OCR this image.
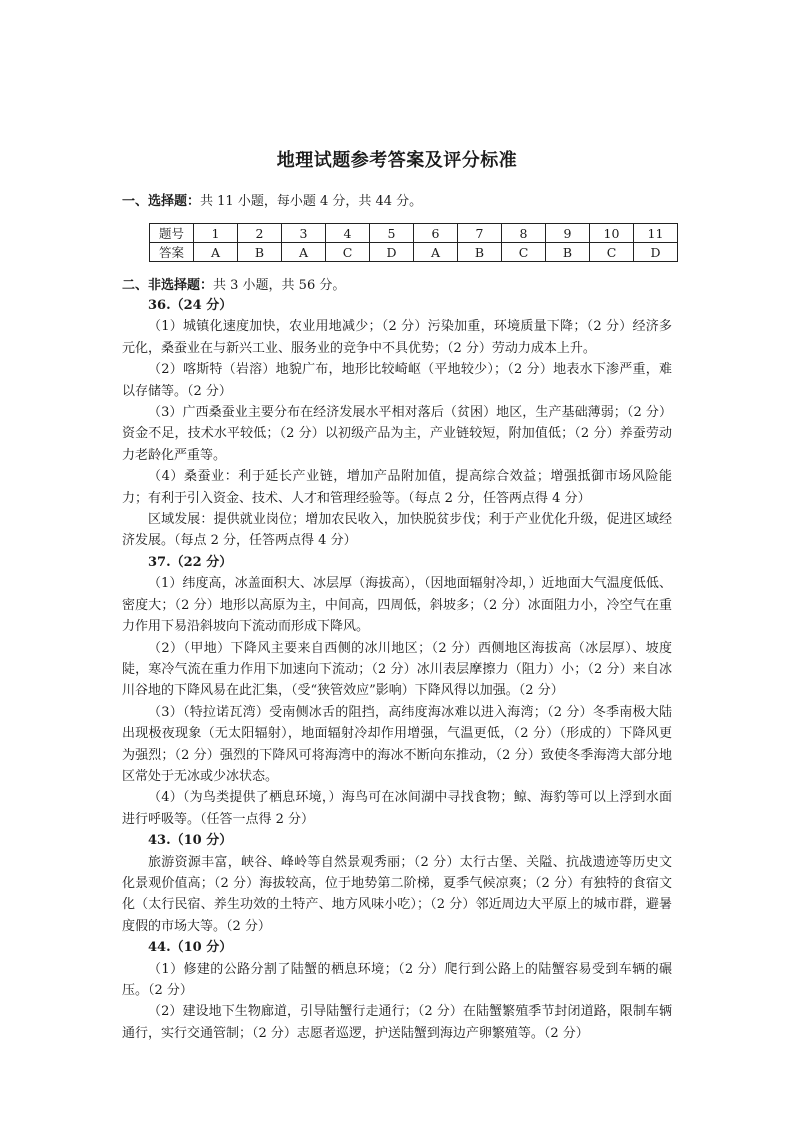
地理试题参考答案及评分标准
一、选择题：共 11 小题，每小题 4 分，共 44 分。
题号	1	2	3	4	5	6	7	8	9	10	11
答案	A	B	A	C	D	A	B	C	B	C	D
二、非选择题：共 3 小题，共 56 分。

36.（24 分）

（1）城镇化速度加快，农业用地减少；（2 分）污染加重，环境质量下降；（2 分）经济多元化，桑蚕业在与新兴工业、服务业的竞争中不具优势；（2 分）劳动力成本上升。

（2）喀斯特（岩溶）地貌广布，地形比较崎岖（平地较少）；（2 分）地表水下渗严重，难以存储等。（2 分）

（3）广西桑蚕业主要分布在经济发展水平相对落后（贫困）地区，生产基础薄弱；（2 分）资金不足，技术水平较低；（2 分）以初级产品为主，产业链较短，附加值低；（2 分）养蚕劳动力老龄化严重等。

（4）桑蚕业：利于延长产业链，增加产品附加值，提高综合效益；增强抵御市场风险能力；有利于引入资金、技术、人才和管理经验等。（每点 2 分，任答两点得 4 分）

区域发展：提供就业岗位；增加农民收入，加快脱贫步伐；利于产业优化升级，促进区域经济发展。（每点 2 分，任答两点得 4 分）

37.（22 分）

（1）纬度高，冰盖面积大、冰层厚（海拔高），（因地面辐射冷却，）近地面大气温度低低、密度大；（2 分）地形以高原为主，中间高，四周低，斜坡多；（2 分）冰面阻力小，冷空气在重力作用下易沿斜坡向下流动而形成下降风。

（2）（甲地）下降风主要来自西侧的冰川地区；（2 分）西侧地区海拔高（冰层厚）、坡度陡，寒冷气流在重力作用下加速向下流动；（2 分）冰川表层摩擦力（阻力）小；（2 分）来自冰川谷地的下降风易在此汇集，（受“狭管效应”影响）下降风得以加强。（2 分）

（3）（特拉诺瓦湾）受南侧冰舌的阻挡，高纬度海冰难以进入海湾；（2 分）冬季南极大陆出现极夜现象（无太阳辐射），地面辐射冷却作用增强，气温更低，（2 分）（形成的）下降风更为强烈；（2 分）强烈的下降风可将海湾中的海冰不断向东推动，（2 分）致使冬季海湾大部分地区常处于无冰或少冰状态。

（4）（为鸟类提供了栖息环境，）海鸟可在冰间湖中寻找食物；鲸、海豹等可以上浮到水面进行呼吸等。（任答一点得 2 分）

43.（10 分）

旅游资源丰富，峡谷、峰岭等自然景观秀丽；（2 分）太行古堡、关隘、抗战遗迹等历史文化景观价值高；（2 分）海拔较高，位于地势第二阶梯，夏季气候凉爽；（2 分）有独特的食宿文化（太行民宿、养生功效的土特产、地方风味小吃）；（2 分）邻近周边大平原上的城市群，避暑度假的市场大等。（2 分）

44.（10 分）

（1）修建的公路分割了陆蟹的栖息环境；（2 分）爬行到公路上的陆蟹容易受到车辆的碾压。（2 分）

（2）建设地下生物廊道，引导陆蟹行走通行；（2 分）在陆蟹繁殖季节封闭道路，限制车辆通行，实行交通管制；（2 分）志愿者巡逻，护送陆蟹到海边产卵繁殖等。（2 分）
